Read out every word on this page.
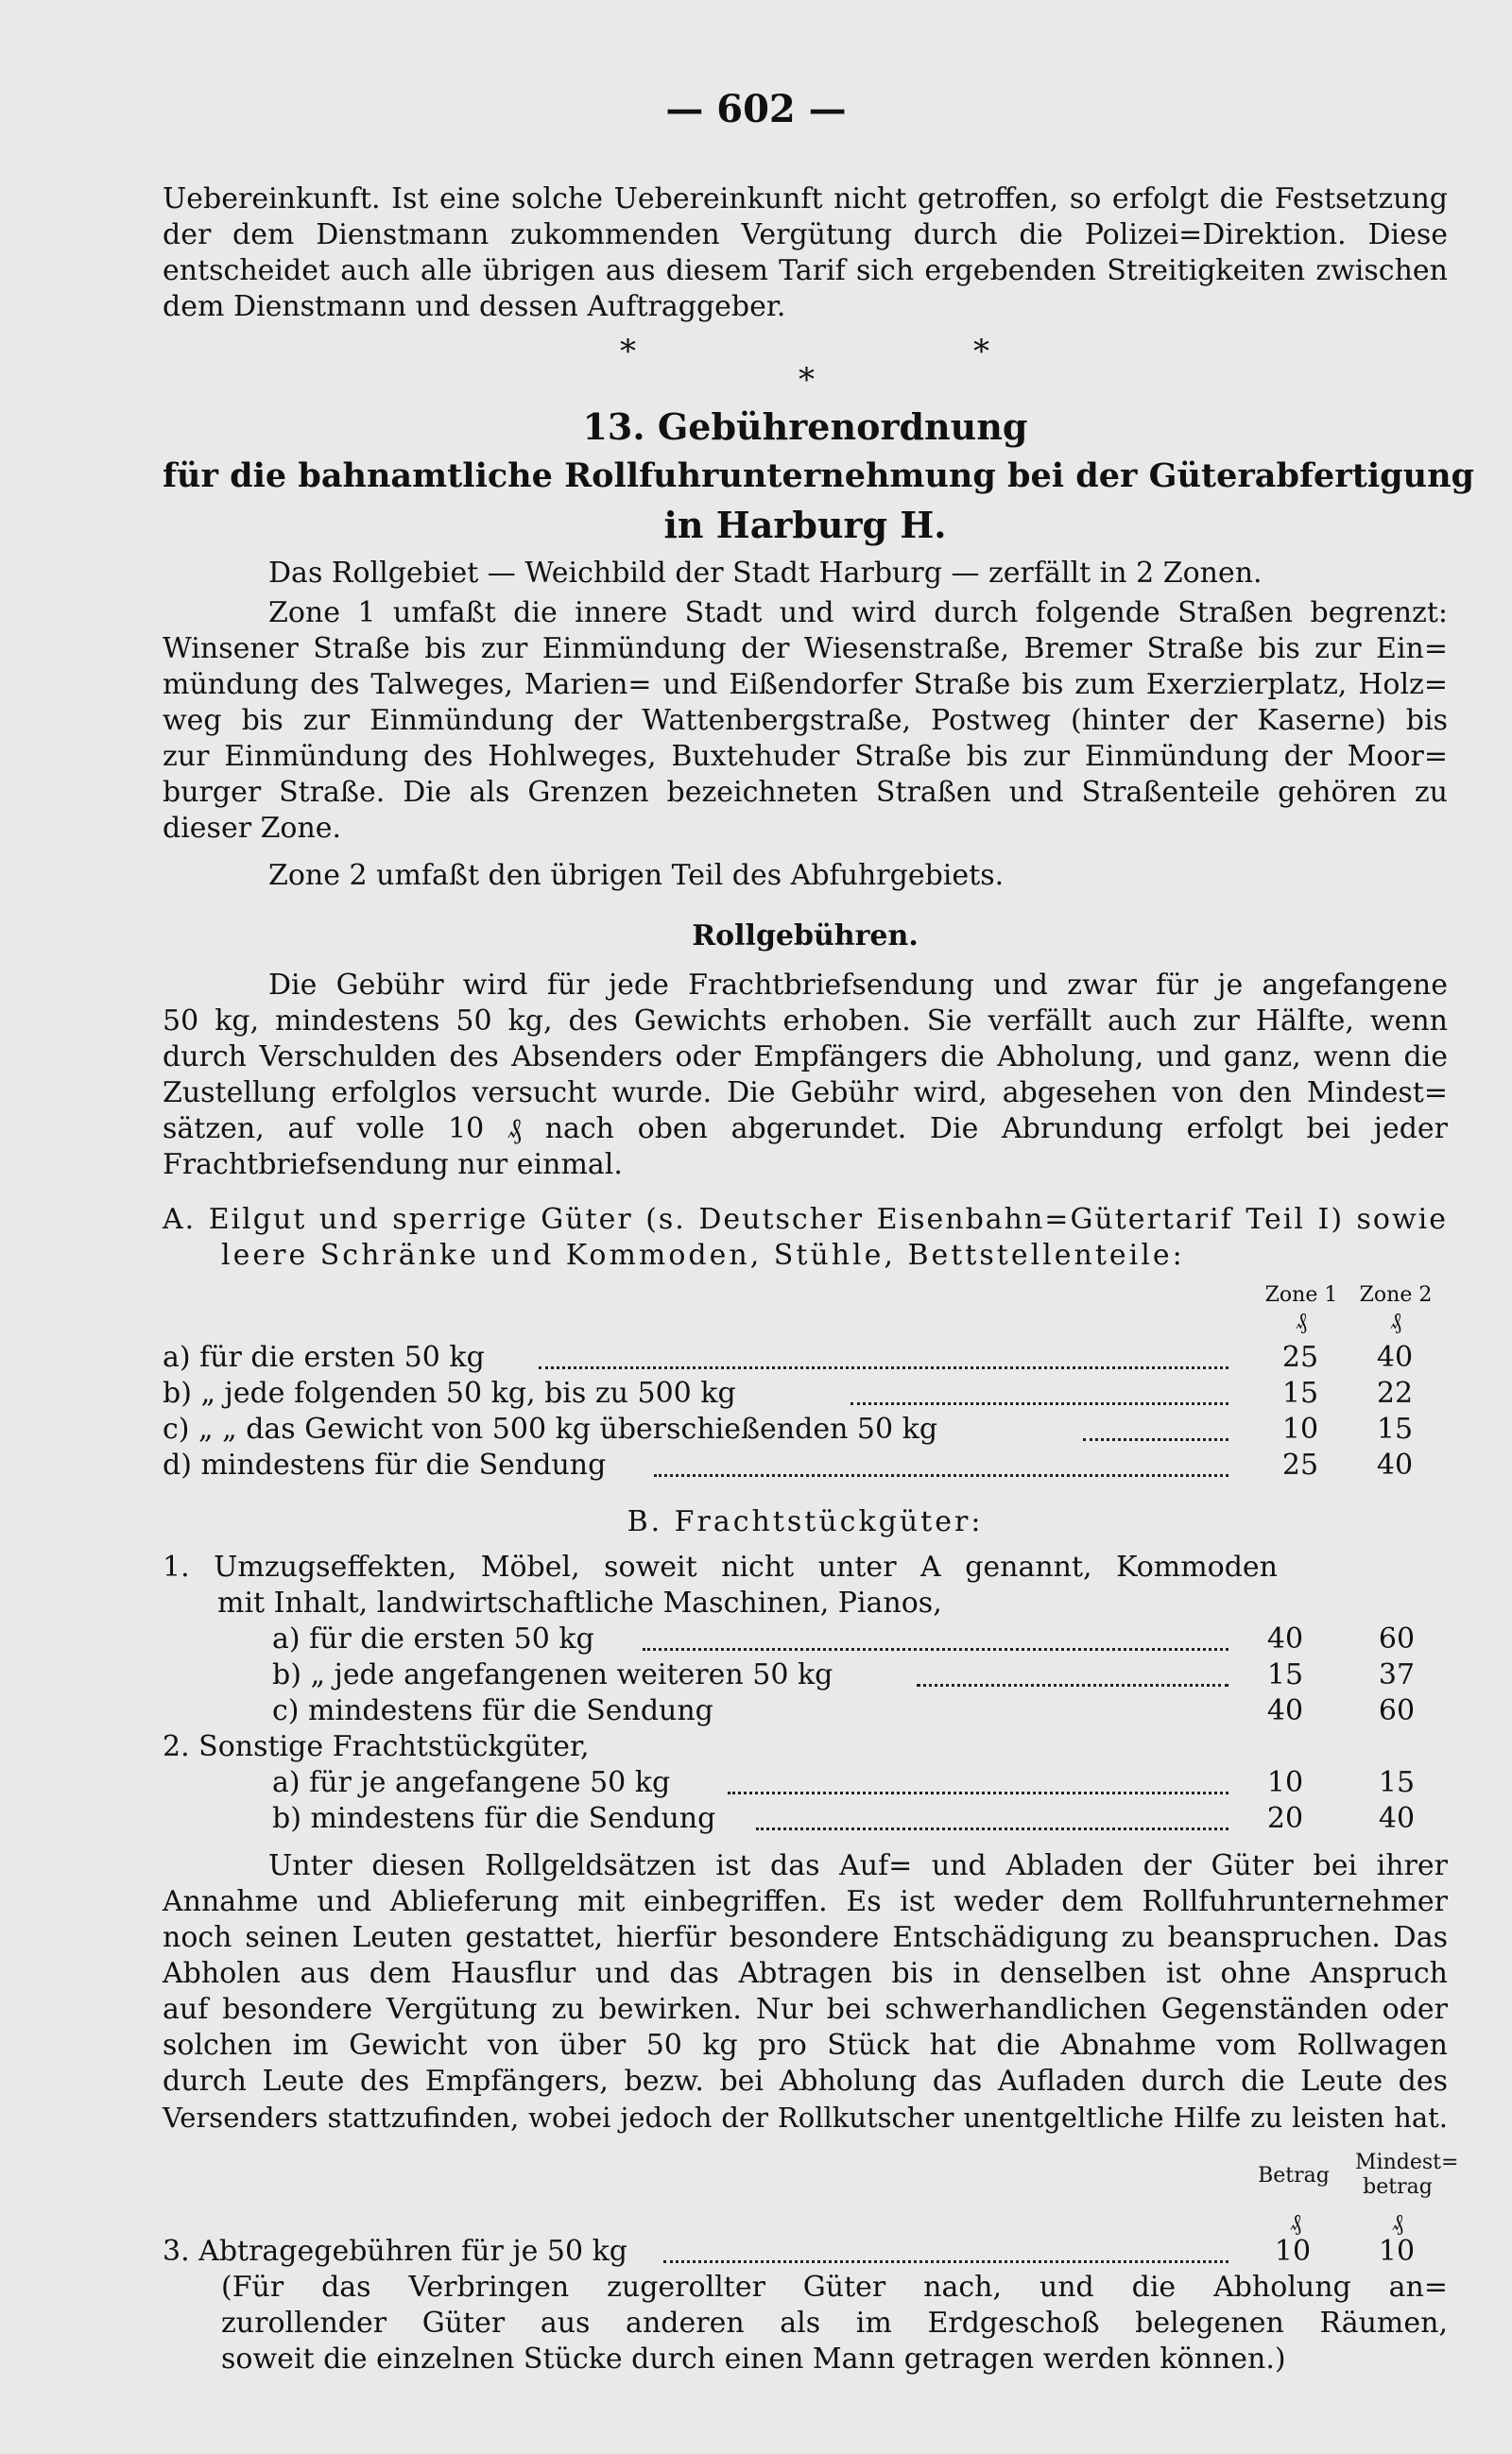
— 602 —
Uebereinkunft. Ist eine solche Uebereinkunft nicht getroffen, so erfolgt die Festsetzung
der dem Dienstmann zukommenden Vergütung durch die Polizei=Direktion. Diese
entscheidet auch alle übrigen aus diesem Tarif sich ergebenden Streitigkeiten zwischen
dem Dienstmann und dessen Auftraggeber.
*
*
*
13. Gebührenordnung
für die bahnamtliche Rollfuhrunternehmung bei der Güterabfertigung
in Harburg H.
Das Rollgebiet — Weichbild der Stadt Harburg — zerfällt in 2 Zonen.
Zone 1 umfaßt die innere Stadt und wird durch folgende Straßen begrenzt:
Winsener Straße bis zur Einmündung der Wiesenstraße, Bremer Straße bis zur Ein=
mündung des Talweges, Marien= und Eißendorfer Straße bis zum Exerzierplatz, Holz=
weg bis zur Einmündung der Wattenbergstraße, Postweg (hinter der Kaserne) bis
zur Einmündung des Hohlweges, Buxtehuder Straße bis zur Einmündung der Moor=
burger Straße. Die als Grenzen bezeichneten Straßen und Straßenteile gehören zu
dieser Zone.
Zone 2 umfaßt den übrigen Teil des Abfuhrgebiets.
Rollgebühren.
Die Gebühr wird für jede Frachtbriefsendung und zwar für je angefangene
50 kg, mindestens 50 kg, des Gewichts erhoben. Sie verfällt auch zur Hälfte, wenn
durch Verschulden des Absenders oder Empfängers die Abholung, und ganz, wenn die
Zustellung erfolglos versucht wurde. Die Gebühr wird, abgesehen von den Mindest=
sätzen, auf volle 10 ₰ nach oben abgerundet. Die Abrundung erfolgt bei jeder
Frachtbriefsendung nur einmal.
A. Eilgut und sperrige Güter (s. Deutscher Eisenbahn=Gütertarif Teil I) sowie
leere Schränke und Kommoden, Stühle, Bettstellenteile:
Zone 1	Zone 2
₰	₰
a) für die ersten 50 kg	25	40
b) „ jede folgenden 50 kg, bis zu 500 kg	15	22
c) „ „ das Gewicht von 500 kg überschießenden 50 kg	10	15
d) mindestens für die Sendung	25	40
B. Frachtstückgüter:
1. Umzugseffekten, Möbel, soweit nicht unter A genannt, Kommoden
mit Inhalt, landwirtschaftliche Maschinen, Pianos,
a) für die ersten 50 kg	40	60
b) „ jede angefangenen weiteren 50 kg	15	37
c) mindestens für die Sendung	40	60
2. Sonstige Frachtstückgüter,
a) für je angefangene 50 kg	10	15
b) mindestens für die Sendung	20	40
Unter diesen Rollgeldsätzen ist das Auf= und Abladen der Güter bei ihrer
Annahme und Ablieferung mit einbegriffen. Es ist weder dem Rollfuhrunternehmer
noch seinen Leuten gestattet, hierfür besondere Entschädigung zu beanspruchen. Das
Abholen aus dem Hausflur und das Abtragen bis in denselben ist ohne Anspruch
auf besondere Vergütung zu bewirken. Nur bei schwerhandlichen Gegenständen oder
solchen im Gewicht von über 50 kg pro Stück hat die Abnahme vom Rollwagen
durch Leute des Empfängers, bezw. bei Abholung das Aufladen durch die Leute des
Versenders stattzufinden, wobei jedoch der Rollkutscher unentgeltliche Hilfe zu leisten hat.
Betrag
Mindest=
betrag
₰	₰
3. Abtragegebühren für je 50 kg	10	10
(Für das Verbringen zugerollter Güter nach, und die Abholung an=
zurollender Güter aus anderen als im Erdgeschoß belegenen Räumen,
soweit die einzelnen Stücke durch einen Mann getragen werden können.)
